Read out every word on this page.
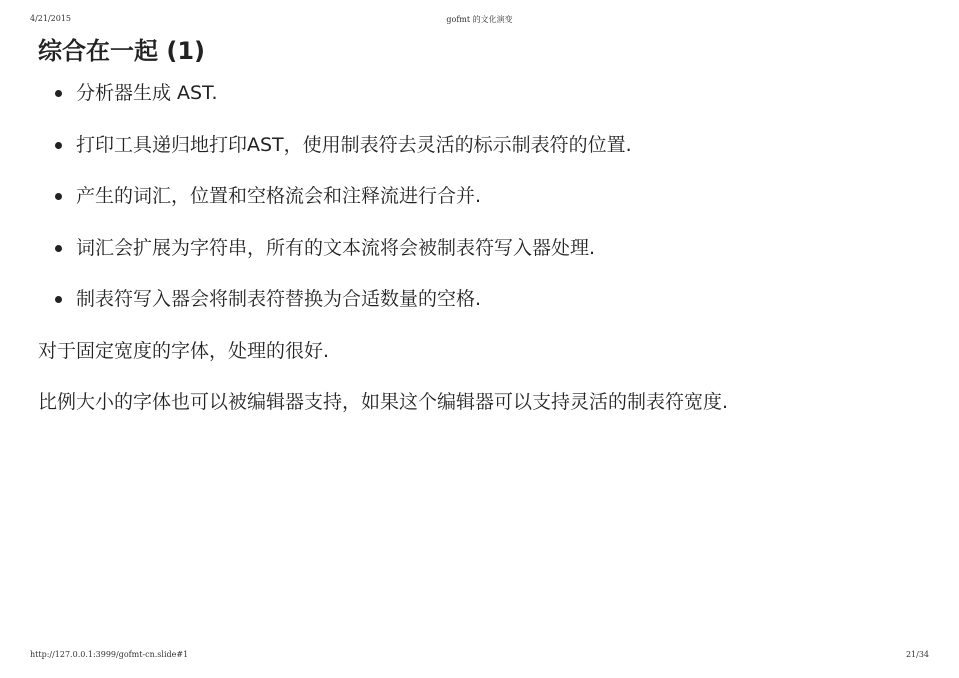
4/21/2015	gofmt 的文化演变
综合在一起 (1)
分析器生成 AST.
打印工具递归地打印AST，使用制表符去灵活的标示制表符的位置.
产生的词汇，位置和空格流会和注释流进行合并.
词汇会扩展为字符串，所有的文本流将会被制表符写入器处理.
制表符写入器会将制表符替换为合适数量的空格.

对于固定宽度的字体，处理的很好.

比例大小的字体也可以被编辑器支持，如果这个编辑器可以支持灵活的制表符宽度.

http://127.0.0.1:3999/gofmt-cn.slide#1	21/34
